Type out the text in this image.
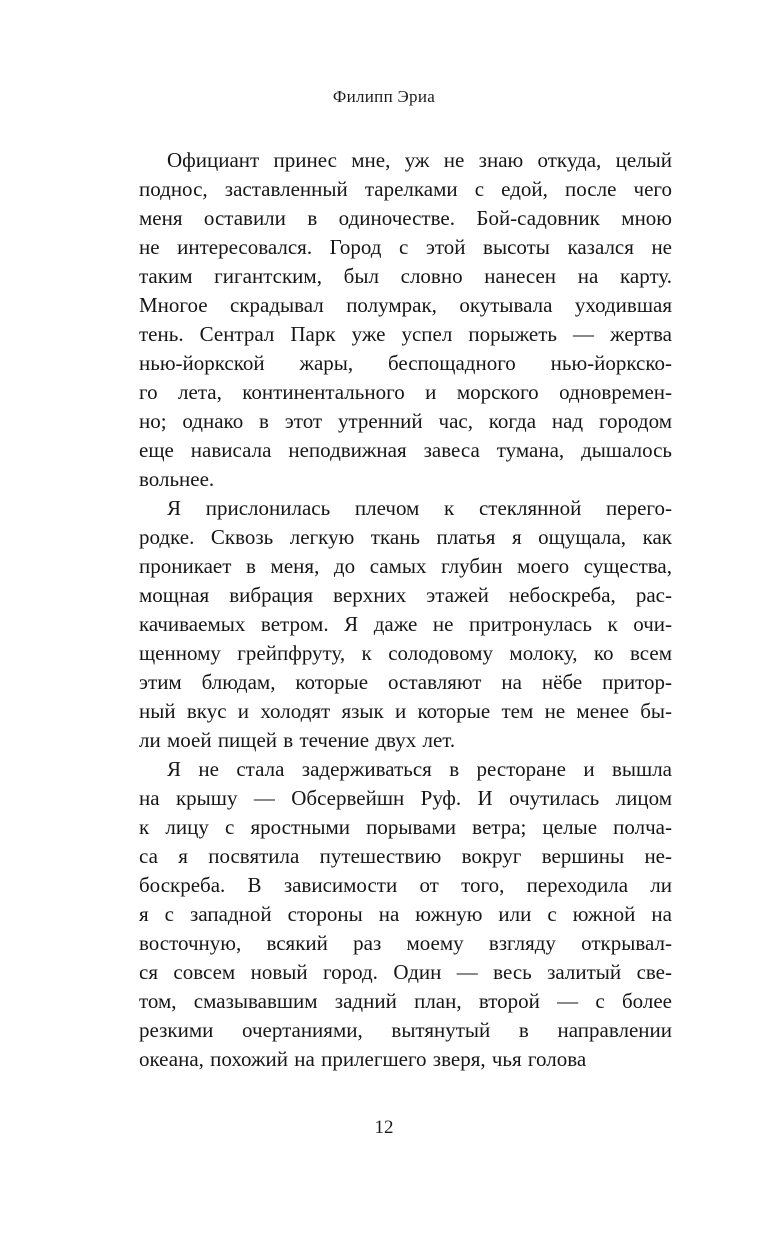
Филипп Эриа

Официант принес мне, уж не знаю откуда, целый
поднос, заставленный тарелками с едой, после чего
меня оставили в одиночестве. Бой-садовник мною
не интересовался. Город с этой высоты казался не
таким гигантским, был словно нанесен на карту.
Многое скрадывал полумрак, окутывала уходившая
тень. Сентрал Парк уже успел порыжеть — жертва
нью-йоркской жары, беспощадного нью-йоркско-
го лета, континентального и морского одновремен-
но; однако в этот утренний час, когда над городом
еще нависала неподвижная завеса тумана, дышалось
вольнее.

Я прислонилась плечом к стеклянной перего-
родке. Сквозь легкую ткань платья я ощущала, как
проникает в меня, до самых глубин моего существа,
мощная вибрация верхних этажей небоскреба, рас-
качиваемых ветром. Я даже не притронулась к очи-
щенному грейпфруту, к солодовому молоку, ко всем
этим блюдам, которые оставляют на нёбе притор-
ный вкус и холодят язык и которые тем не менее бы-
ли моей пищей в течение двух лет.

Я не стала задерживаться в ресторане и вышла
на крышу — Обсервейшн Руф. И очутилась лицом
к лицу с яростными порывами ветра; целые полча-
са я посвятила путешествию вокруг вершины не-
боскреба. В зависимости от того, переходила ли
я с западной стороны на южную или с южной на
восточную, всякий раз моему взгляду открывал-
ся совсем новый город. Один — весь залитый све-
том, смазывавшим задний план, второй — с более
резкими очертаниями, вытянутый в направлении
океана, похожий на прилегшего зверя, чья голова

12
